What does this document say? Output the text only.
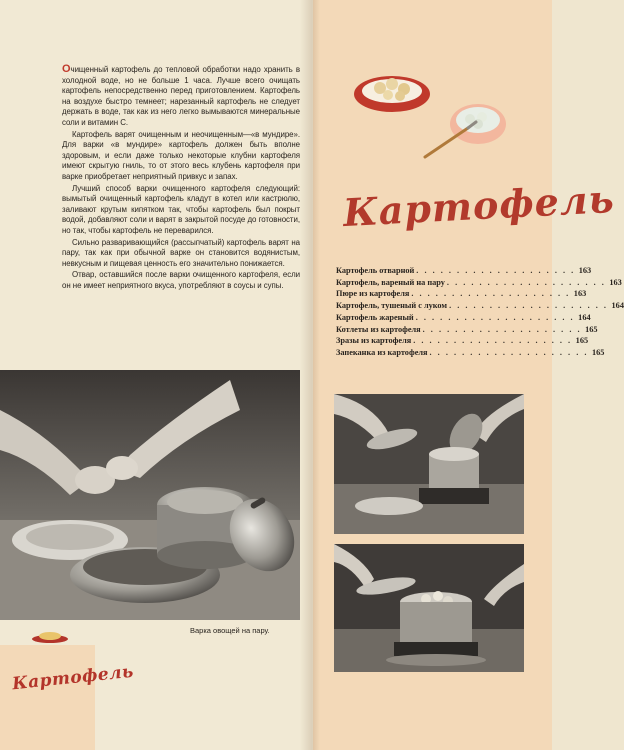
Очищенный картофель до тепловой обработки надо хранить в холодной воде, но не больше 1 часа. Лучше всего очищать картофель непосредственно перед приготовлением. Картофель на воздухе быстро темнеет; нарезанный картофель не следует держать в воде, так как из него легко вымываются минеральные соли и витамин С.

Картофель варят очищенным и неочищенным—«в мундире». Для варки «в мундире» картофель должен быть вполне здоровым, и если даже только некоторые клубни картофеля имеют скрытую гниль, то от этого весь клубень картофеля при варке приобретает неприятный привкус и запах.

Лучший способ варки очищенного картофеля следующий: вымытый очищенный картофель кладут в котел или кастрюлю, заливают крутым кипятком так, чтобы картофель был покрыт водой, добавляют соли и варят в закрытой посуде до готовности, но так, чтобы картофель не переварился.

Сильно разваривающийся (рассыпчатый) картофель варят на пару, так как при обычной варке он становится водянистым, невкусным и пищевая ценность его значительно понижается.

Отвар, оставшийся после варки очищенного картофеля, если он не имеет неприятного вкуса, употребляют в соусы и супы.

Варка овощей на пару.
Картофель
Картофель
Картофель отварной . . . . . . . . . . . . . . . . . . . . 163
Картофель, вареный на пару . . . . . . . . . . . . . . . . . . . . 163
Пюре из картофеля . . . . . . . . . . . . . . . . . . . . 163
Картофель, тушеный с луком . . . . . . . . . . . . . . . . . . . . 164
Картофель жареный . . . . . . . . . . . . . . . . . . . . 164
Котлеты из картофеля . . . . . . . . . . . . . . . . . . . . 165
Зразы из картофеля . . . . . . . . . . . . . . . . . . . . 165
Запеканка из картофеля . . . . . . . . . . . . . . . . . . . . 165
